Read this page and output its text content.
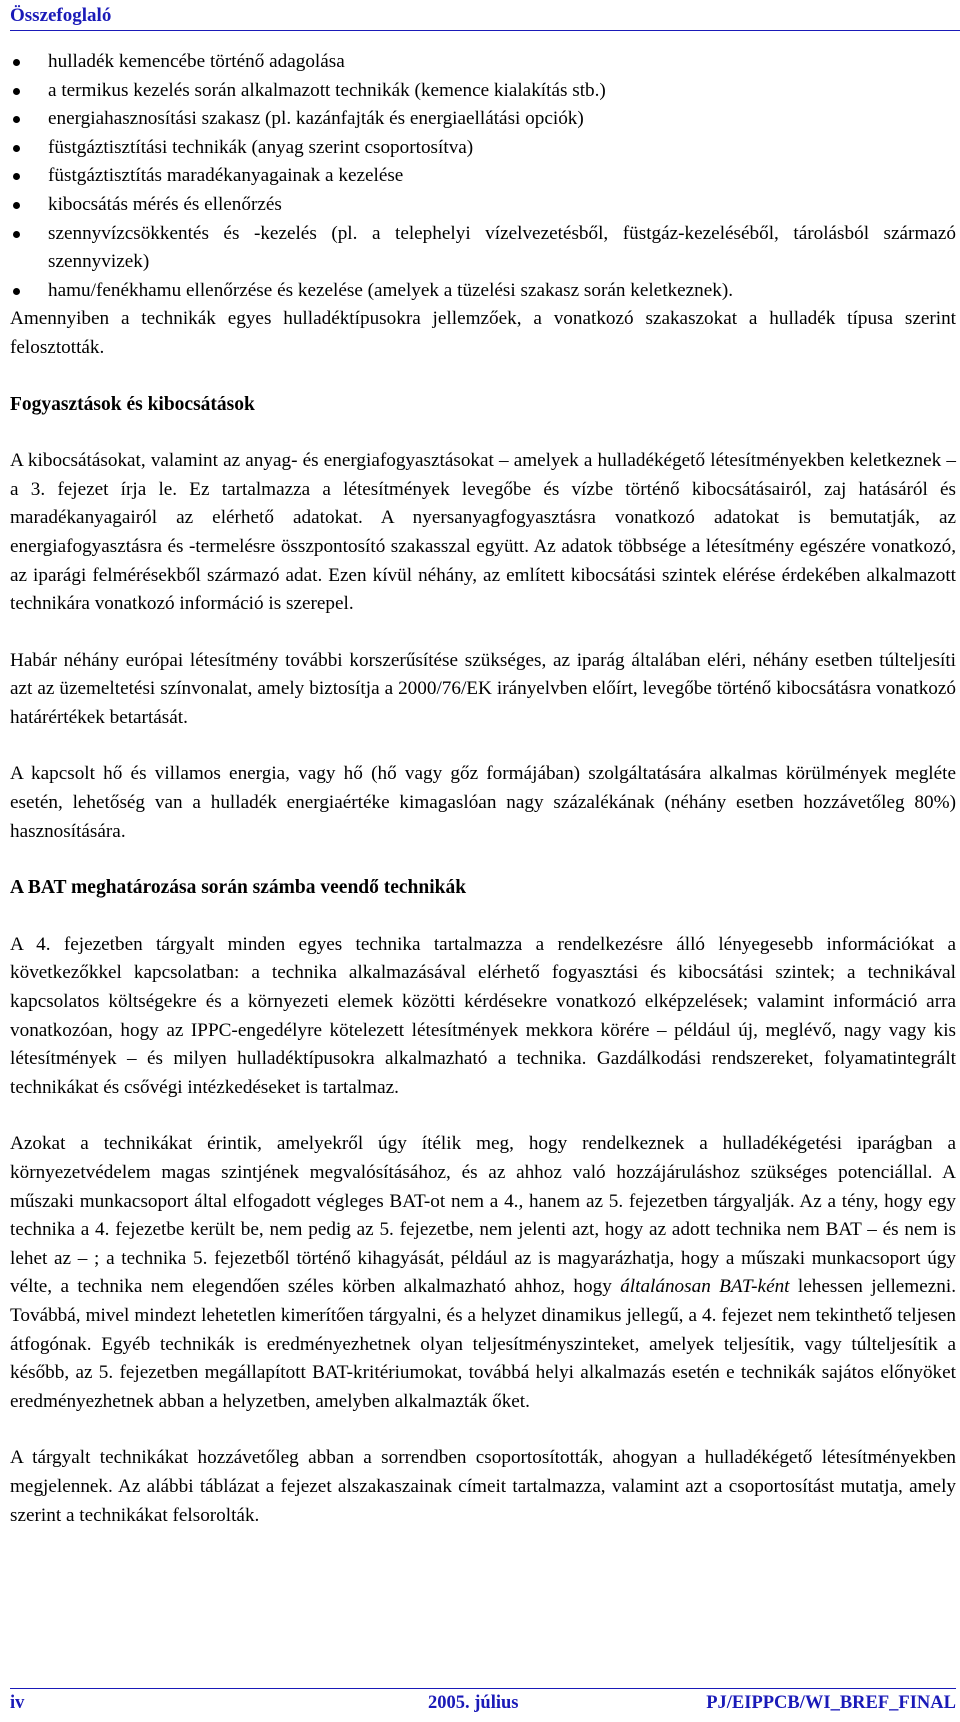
Összefoglaló
hulladék kemencébe történő adagolása
a termikus kezelés során alkalmazott technikák (kemence kialakítás stb.)
energiahasznosítási szakasz (pl. kazánfajták és energiaellátási opciók)
füstgáztisztítási technikák (anyag szerint csoportosítva)
füstgáztisztítás maradékanyagainak a kezelése
kibocsátás mérés és ellenőrzés
szennyvízcsökkentés és -kezelés (pl. a telephelyi vízelvezetésből, füstgáz-kezeléséből, tárolásból származó szennyvizek)
hamu/fenékhamu ellenőrzése és kezelése (amelyek a tüzelési szakasz során keletkeznek).

Amennyiben a technikák egyes hulladéktípusokra jellemzőek, a vonatkozó szakaszokat a hulladék típusa szerint felosztották.

Fogyasztások és kibocsátások

A kibocsátásokat, valamint az anyag- és energiafogyasztásokat – amelyek a hulladékégető létesítményekben keletkeznek – a 3. fejezet írja le. Ez tartalmazza a létesítmények levegőbe és vízbe történő kibocsátásairól, zaj hatásáról és maradékanyagairól az elérhető adatokat. A nyersanyagfogyasztásra vonatkozó adatokat is bemutatják, az energiafogyasztásra és -termelésre összpontosító szakasszal együtt. Az adatok többsége a létesítmény egészére vonatkozó, az iparági felmérésekből származó adat. Ezen kívül néhány, az említett kibocsátási szintek elérése érdekében alkalmazott technikára vonatkozó információ is szerepel.

Habár néhány európai létesítmény további korszerűsítése szükséges, az iparág általában eléri, néhány esetben túlteljesíti azt az üzemeltetési színvonalat, amely biztosítja a 2000/76/EK irányelvben előírt, levegőbe történő kibocsátásra vonatkozó határértékek betartását.

A kapcsolt hő és villamos energia, vagy hő (hő vagy gőz formájában) szolgáltatására alkalmas körülmények megléte esetén, lehetőség van a hulladék energiaértéke kimagaslóan nagy százalékának (néhány esetben hozzávetőleg 80%) hasznosítására.

A BAT meghatározása során számba veendő technikák

A 4. fejezetben tárgyalt minden egyes technika tartalmazza a rendelkezésre álló lényegesebb információkat a következőkkel kapcsolatban: a technika alkalmazásával elérhető fogyasztási és kibocsátási szintek; a technikával kapcsolatos költségekre és a környezeti elemek közötti kérdésekre vonatkozó elképzelések; valamint információ arra vonatkozóan, hogy az IPPC-engedélyre kötelezett létesítmények mekkora körére – például új, meglévő, nagy vagy kis létesítmények – és milyen hulladéktípusokra alkalmazható a technika. Gazdálkodási rendszereket, folyamatintegrált technikákat és csővégi intézkedéseket is tartalmaz.

Azokat a technikákat érintik, amelyekről úgy ítélik meg, hogy rendelkeznek a hulladékégetési iparágban a környezetvédelem magas szintjének megvalósításához, és az ahhoz való hozzájáruláshoz szükséges potenciállal. A műszaki munkacsoport által elfogadott végleges BAT-ot nem a 4., hanem az 5. fejezetben tárgyalják. Az a tény, hogy egy technika a 4. fejezetbe került be, nem pedig az 5. fejezetbe, nem jelenti azt, hogy az adott technika nem BAT – és nem is lehet az – ; a technika 5. fejezetből történő kihagyását, például az is magyarázhatja, hogy a műszaki munkacsoport úgy vélte, a technika nem elegendően széles körben alkalmazható ahhoz, hogy általánosan BAT-ként lehessen jellemezni. Továbbá, mivel mindezt lehetetlen kimerítően tárgyalni, és a helyzet dinamikus jellegű, a 4. fejezet nem tekinthető teljesen átfogónak. Egyéb technikák is eredményezhetnek olyan teljesítményszinteket, amelyek teljesítik, vagy túlteljesítik a később, az 5. fejezetben megállapított BAT-kritériumokat, továbbá helyi alkalmazás esetén e technikák sajátos előnyöket eredményezhetnek abban a helyzetben, amelyben alkalmazták őket.

A tárgyalt technikákat hozzávetőleg abban a sorrendben csoportosították, ahogyan a hulladékégető létesítményekben megjelennek. Az alábbi táblázat a fejezet alszakaszainak címeit tartalmazza, valamint azt a csoportosítást mutatja, amely szerint a technikákat felsorolták.

iv	2005. július	PJ/EIPPCB/WI_BREF_FINAL
